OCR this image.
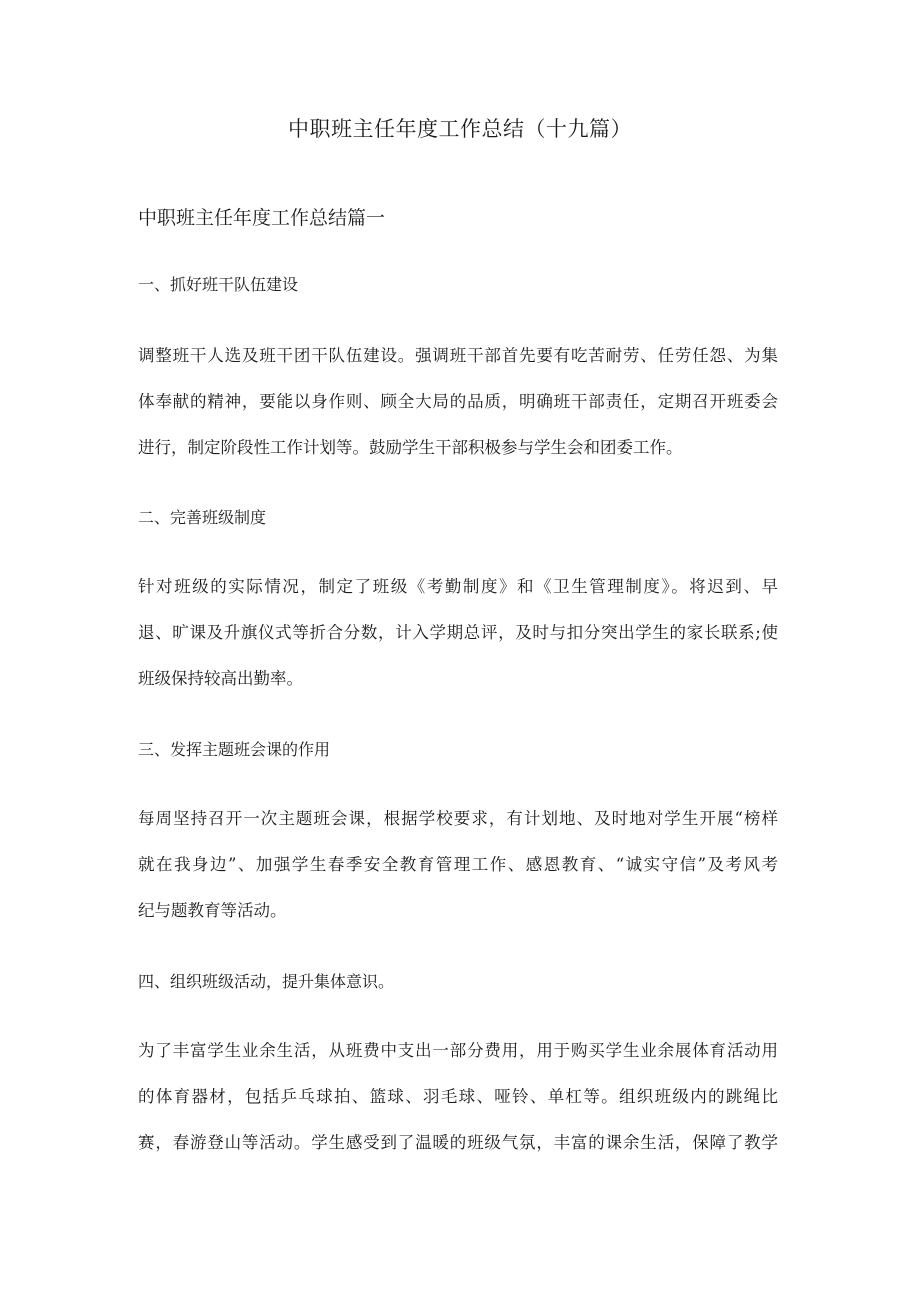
中职班主任年度工作总结（十九篇）
中职班主任年度工作总结篇一
一、抓好班干队伍建设
调整班干人选及班干团干队伍建设。强调班干部首先要有吃苦耐劳、任劳任怨、为集
体奉献的精神，要能以身作则、顾全大局的品质，明确班干部责任，定期召开班委会
进行，制定阶段性工作计划等。鼓励学生干部积极参与学生会和团委工作。
二、完善班级制度
针对班级的实际情况，制定了班级《考勤制度》和《卫生管理制度》。将迟到、早
退、旷课及升旗仪式等折合分数，计入学期总评，及时与扣分突出学生的家长联系;使
班级保持较高出勤率。
三、发挥主题班会课的作用
每周坚持召开一次主题班会课，根据学校要求，有计划地、及时地对学生开展“榜样
就在我身边”、加强学生春季安全教育管理工作、感恩教育、“诚实守信”及考风考
纪与题教育等活动。
四、组织班级活动，提升集体意识。
为了丰富学生业余生活，从班费中支出一部分费用，用于购买学生业余展体育活动用
的体育器材，包括乒乓球拍、篮球、羽毛球、哑铃、单杠等。组织班级内的跳绳比
赛，春游登山等活动。学生感受到了温暖的班级气氛，丰富的课余生活，保障了教学
